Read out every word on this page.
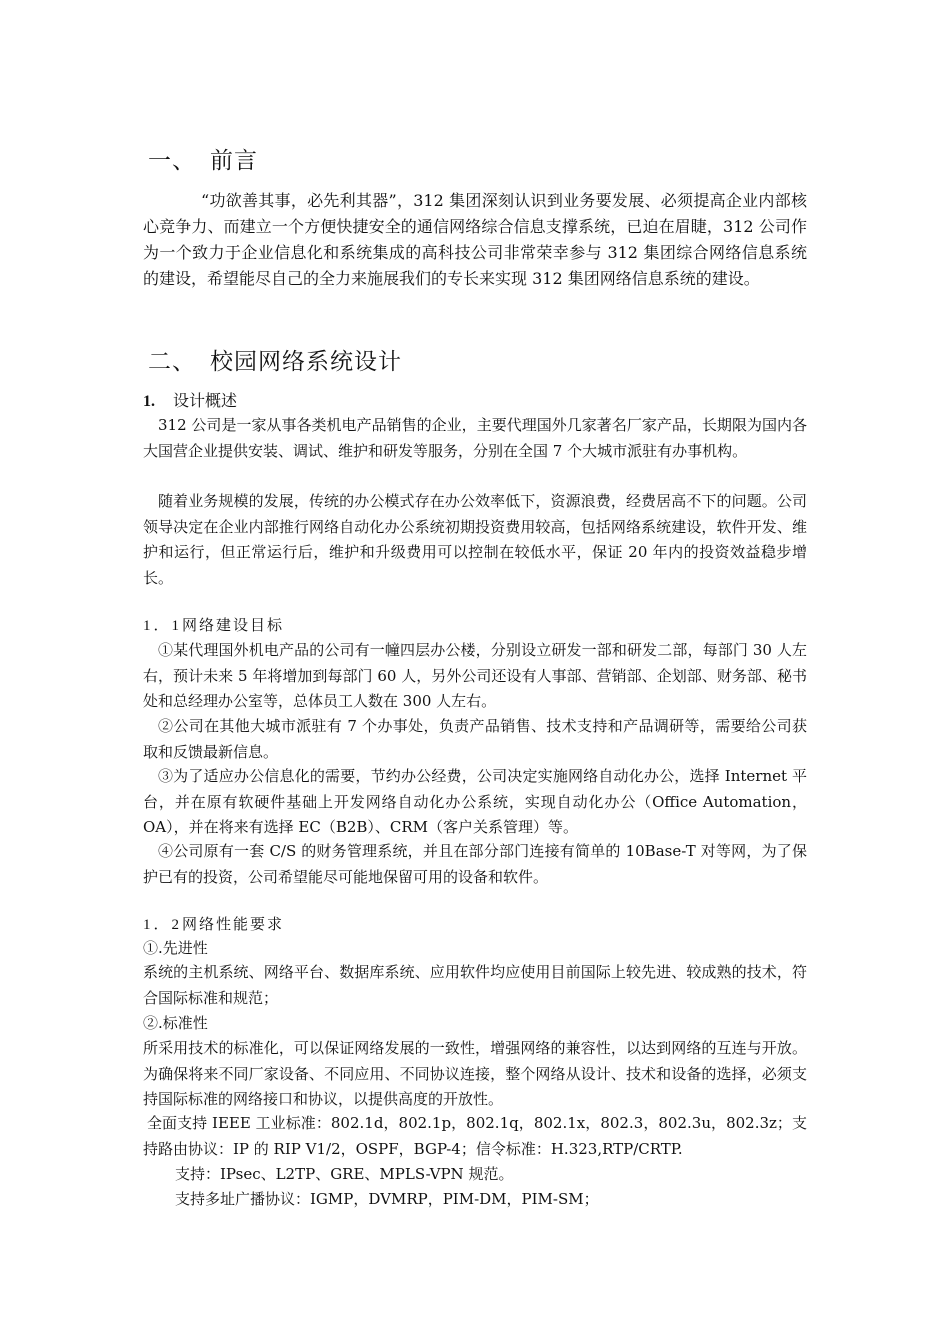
一、 前言

“功欲善其事，必先利其器”，312 集团深刻认识到业务要发展、必须提高企业内部核心竞争力、而建立一个方便快捷安全的通信网络综合信息支撑系统，已迫在眉睫，312 公司作为一个致力于企业信息化和系统集成的高科技公司非常荣幸参与 312 集团综合网络信息系统的建设，希望能尽自己的全力来施展我们的专长来实现 312 集团网络信息系统的建设。

二、 校园网络系统设计
1. 设计概述

312 公司是一家从事各类机电产品销售的企业，主要代理国外几家著名厂家产品，长期限为国内各大国营企业提供安装、调试、维护和研发等服务，分别在全国 7 个大城市派驻有办事机构。

随着业务规模的发展，传统的办公模式存在办公效率低下，资源浪费，经费居高不下的问题。公司领导决定在企业内部推行网络自动化办公系统初期投资费用较高，包括网络系统建设，软件开发、维护和运行，但正常运行后，维护和升级费用可以控制在较低水平，保证 20 年内的投资效益稳步增长。

1．1网络建设目标

①某代理国外机电产品的公司有一幢四层办公楼，分别设立研发一部和研发二部，每部门 30 人左右，预计未来 5 年将增加到每部门 60 人，另外公司还设有人事部、营销部、企划部、财务部、秘书处和总经理办公室等，总体员工人数在 300 人左右。

②公司在其他大城市派驻有 7 个办事处，负责产品销售、技术支持和产品调研等，需要给公司获取和反馈最新信息。

③为了适应办公信息化的需要，节约办公经费，公司决定实施网络自动化办公，选择 Internet 平台，并在原有软硬件基础上开发网络自动化办公系统，实现自动化办公（Office Automation，OA），并在将来有选择 EC（B2B）、CRM（客户关系管理）等。

④公司原有一套 C/S 的财务管理系统，并且在部分部门连接有简单的 10Base-T 对等网，为了保护已有的投资，公司希望能尽可能地保留可用的设备和软件。

1．2网络性能要求
①.先进性

系统的主机系统、网络平台、数据库系统、应用软件均应使用目前国际上较先进、较成熟的技术，符合国际标准和规范；

②.标准性

所采用技术的标准化，可以保证网络发展的一致性，增强网络的兼容性，以达到网络的互连与开放。为确保将来不同厂家设备、不同应用、不同协议连接，整个网络从设计、技术和设备的选择，必须支持国际标准的网络接口和协议，以提供高度的开放性。

全面支持 IEEE 工业标准：802.1d，802.1p，802.1q，802.1x，802.3，802.3u，802.3z；支持路由协议：IP 的 RIP V1/2，OSPF，BGP-4；信令标准：H.323,RTP/CRTP.

支持：IPsec、L2TP、GRE、MPLS-VPN 规范。
支持多址广播协议：IGMP，DVMRP，PIM-DM，PIM-SM；
